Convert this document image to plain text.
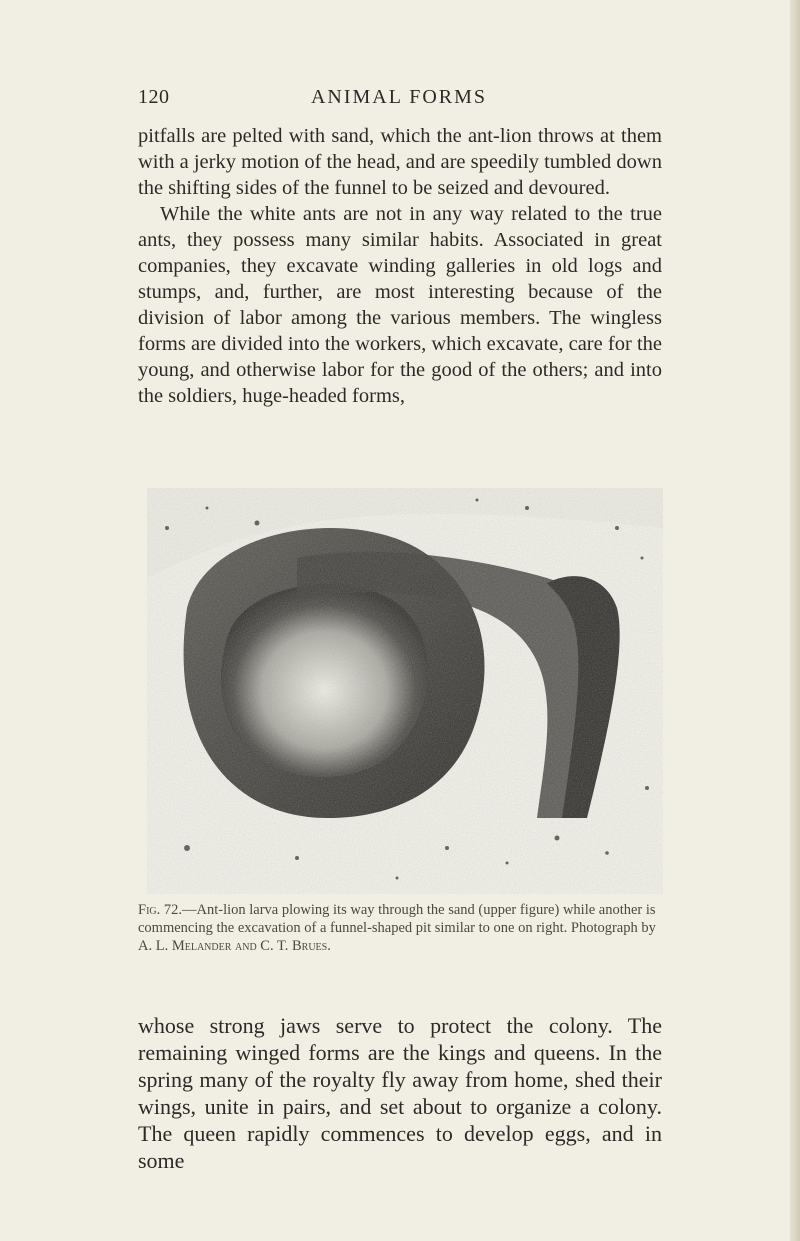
120	ANIMAL FORMS

pitfalls are pelted with sand, which the ant-lion throws at them with a jerky motion of the head, and are speedily tumbled down the shifting sides of the funnel to be seized and devoured.

While the white ants are not in any way related to the true ants, they possess many similar habits. Associated in great companies, they excavate winding galleries in old logs and stumps, and, further, are most interesting because of the division of labor among the various members. The wingless forms are divided into the workers, which excavate, care for the young, and otherwise labor for the good of the others; and into the soldiers, huge-headed forms,

Fig. 72.—Ant-lion larva plowing its way through the sand (upper figure) while another is commencing the excavation of a funnel-shaped pit similar to one on right. Photograph by A. L. Melander and C. T. Brues.

whose strong jaws serve to protect the colony. The remaining winged forms are the kings and queens. In the spring many of the royalty fly away from home, shed their wings, unite in pairs, and set about to organize a colony. The queen rapidly commences to develop eggs, and in some
